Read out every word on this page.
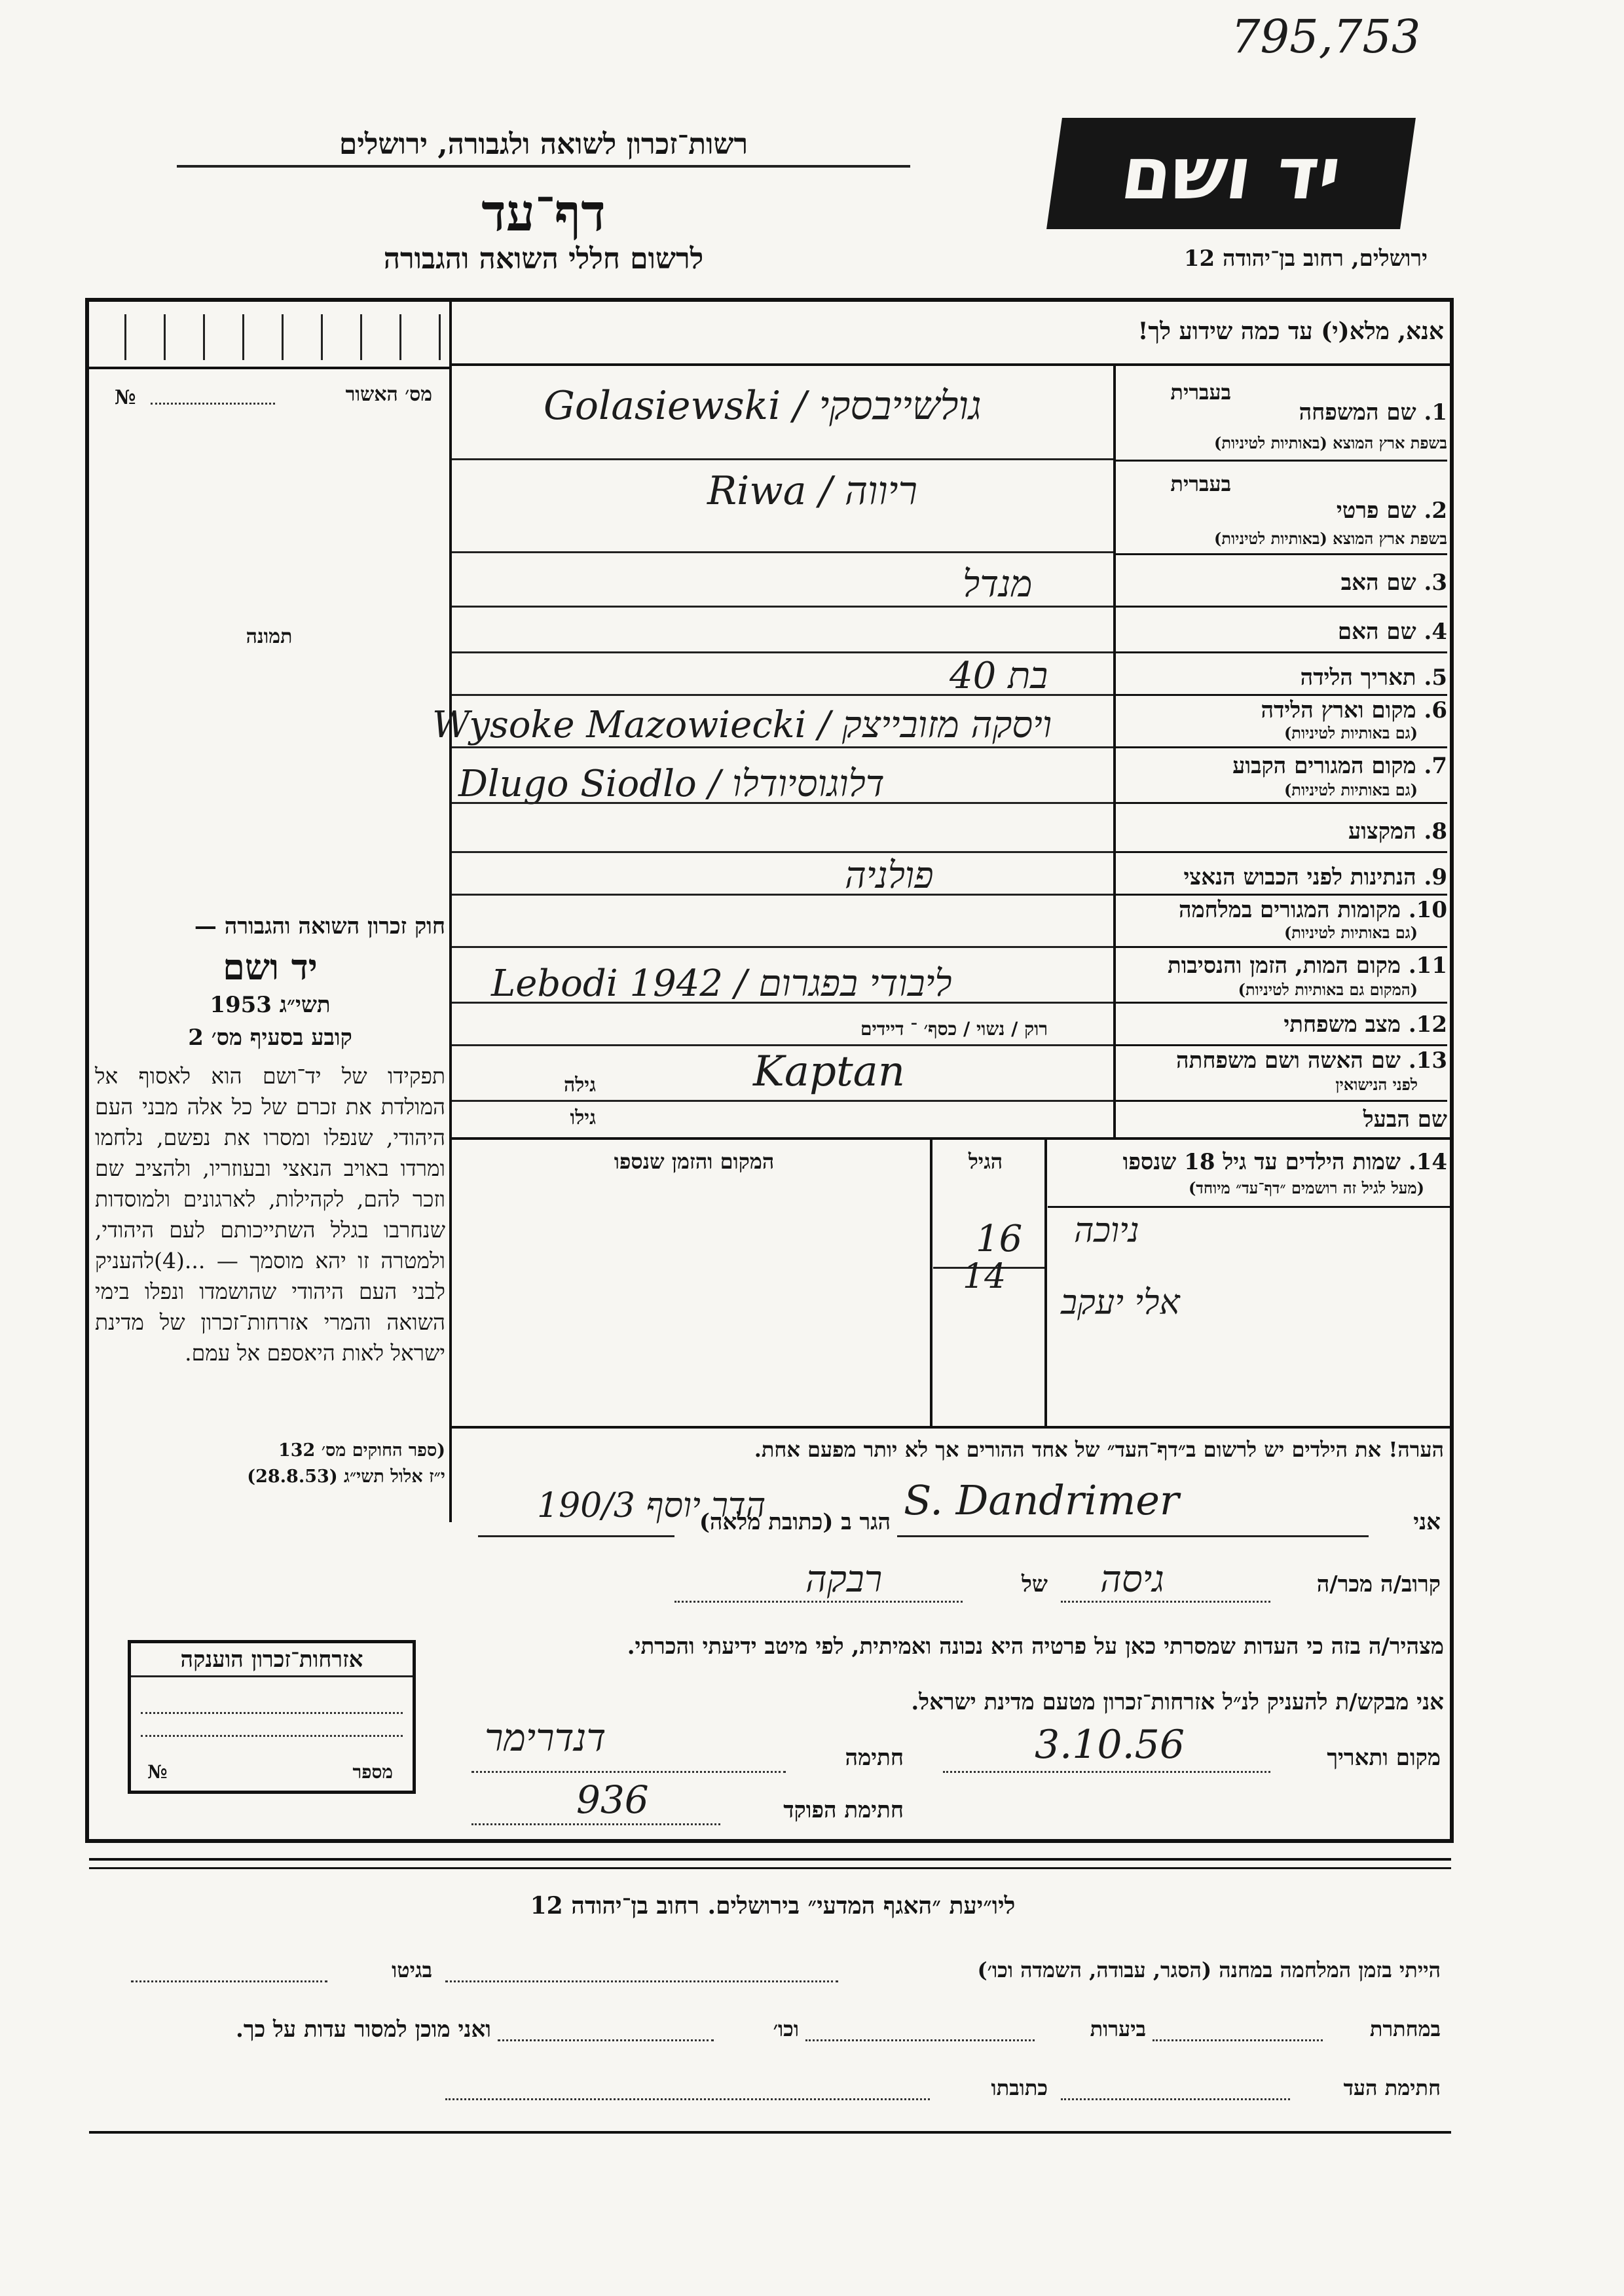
795,753
רשות־זכרון לשואה ולגבורה, ירושלים
דף־עד
לרשום חללי השואה והגבורה
יד ושם
ירושלים, רחוב בן־יהודה 12
מס׳ האשור
№
תמונה
חוק זכרון השואה והגבורה —
יד ושם
תשי״ג 1953
קובע בסעיף מס׳ 2
תפקידו של יד־ושם הוא לאסוף אל המולדת את זכרם של כל אלה מבני העם היהודי, שנפלו ומסרו את נפשם, נלחמו ומרדו באויב הנאצי ובעוזריו, ולהציב שם וזכר להם, לקהילות, לארגונים ולמוסדות שנחרבו בגלל השתייכותם לעם היהודי, ולמטרה זו יהא מוסמך — ...(4)להעניק לבני העם היהודי שהושמדו ונפלו בימי השואה והמרי אזרחות־זכרון של מדינת ישראל לאות היאספם אל עמם.
(ספר החוקים מס׳ 132
י״ז אלול תשי״ג (28.8.53)
אזרחות־זכרון הוענקה
מספר
№
אנא, מלא(י) עד כמה שידוע לך!
בעברית
1. שם המשפחה
בשפת ארץ המוצא (באותיות לטיניות)
Golasiewski / גולשייבסקי
בעברית
2. שם פרטי
בשפת ארץ המוצא (באותיות לטיניות)
Riwa / ריווה
3. שם האב
מנדל
4. שם האם
5. תאריך הלידה
בת 40
6. מקום וארץ הלידה
(גם באותיות לטיניות)
Wysoke Mazowiecki / ויסקה מזובייצק
7. מקום המגורים הקבוע
(גם באותיות לטיניות)
Dlugo Siodlo / דלוגוסיודלו
8. המקצוע
9. הנתינות לפני הכבוש הנאצי
פולניה
10. מקומות המגורים במלחמה
(גם באותיות לטיניות)
11. מקום המות, הזמן והנסיבות
(המקום גם באותיות לטיניות)
Lebodi 1942 / ליבודי בפגרום
12. מצב משפחתי
רוק / נשוי / כסף׳ ־ דיידים
13. שם האשה ושם משפחתה
לפני הנישואין
גילה	Kaptan
שם הבעל
גילו
14. שמות הילדים עד גיל 18 שנספו
(מעל לגיל זה רושמים ״דף־עד״ מיוחד)
הגיל
המקום והזמן שנספו
ניוכה
16
אלי יעקב
14
הערה! את הילדים יש לרשום ב״דף־העד״ של אחד ההורים אך לא יותר מפעם אחת.
אני
S. Dandrimer
הגר ב (כתובת מלאה)
הדר יוסף 190/3
קרוב/ה מכר/ה
גיסה
של
רבקה
מצהיר/ה בזה כי העדות שמסרתי כאן על פרטיה היא נכונה ואמיתית, לפי מיטב ידיעתי והכרתי.
אני מבקש/ת להעניק לנ״ל אזרחות־זכרון מטעם מדינת ישראל.
מקום ותאריך
3.10.56
חתימה
דנדרימר
חתימת הפוקד
936
ליו״יעת ״האגף המדעי״ בירושלים. רחוב בן־יהודה 12
הייתי בזמן המלחמה במחנה (הסגר, עבודה, השמדה וכו׳)
בגיטו
במחתרת
ביערות
וכו׳
ואני מוכן למסור עדות על כך.
חתימת העד
כתובתו
